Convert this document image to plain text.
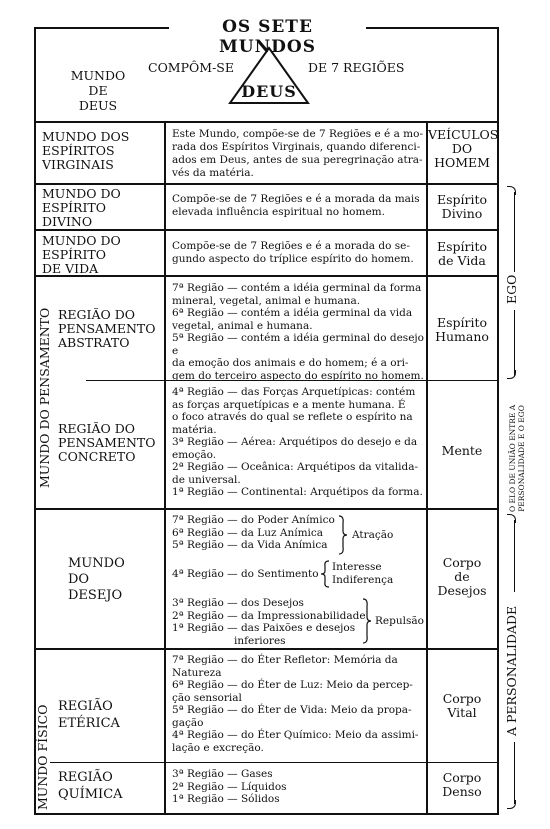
OS SETE MUNDOS
MUNDO
DE
DEUS
COMPÔM-SE	DE 7 REGIÕES
DEUS
MUNDO DOS
ESPÍRITOS
VIRGINAIS
Este Mundo, compõe-se de 7 Regiões e é a mo-
rada dos Espíritos Virginais, quando diferenci-
ados em Deus, antes de sua peregrinação atra-
vés da matéria.
VEÍCULOS
DO
HOMEM
MUNDO DO
ESPÍRITO
DIVINO
Compõe-se de 7 Regiões e é a morada da mais
elevada influência espiritual no homem.
Espírito
Divino
MUNDO DO
ESPÍRITO
DE VIDA
Compõe-se de 7 Regiões e é a morada do se-
gundo aspecto do tríplice espírito do homem.
Espírito
de Vida
MUNDO DO PENSAMENTO REGIÃO DO
PENSAMENTO
ABSTRATO
7ª Região — contém a idéia germinal da forma
mineral, vegetal, animal e humana.
6ª Região — contém a idéia germinal da vida
vegetal, animal e humana.
5ª Região — contém a idéia germinal do desejo e
da emoção dos animais e do homem; é a ori-
gem do terceiro aspecto do espírito no homem.
Espírito
Humano
REGIÃO DO
PENSAMENTO
CONCRETO
4ª Região — das Forças Arquetípicas: contém
as forças arquetípicas e a mente humana. É
o foco através do qual se reflete o espírito na
matéria.
3ª Região — Aérea: Arquétipos do desejo e da
emoção.
2ª Região — Oceânica: Arquétipos da vitalida-
de universal.
1ª Região — Continental: Arquétipos da forma.
Mente
MUNDO
DO
DESEJO
7ª Região — do Poder Anímico
6ª Região — da Luz Anímica
5ª Região — da Vida Anímica
Atração
4ª Região — do Sentimento
Interesse
Indiferença
3ª Região — dos Desejos
2ª Região — da Impressionabilidade
1ª Região — das Paixões e desejos
inferiores
Repulsão
Corpo
de
Desejos
MUNDO FÍSICO REGIÃO
ETÉRICA
7ª Região — do Éter Refletor: Memória da
Natureza
6ª Região — do Éter de Luz: Meio da percep-
ção sensorial
5ª Região — do Éter de Vida: Meio da propa-
gação
4ª Região — do Éter Químico: Meio da assimi-
lação e excreção.
Corpo
Vital
REGIÃO
QUÍMICA
3ª Região — Gases
2ª Região — Líquidos
1ª Região — Sólidos
Corpo
Denso
EGO
O ELO DE UNIÃO ENTRE A PERSONALIDADE E O EGO
A PERSONALIDADE
